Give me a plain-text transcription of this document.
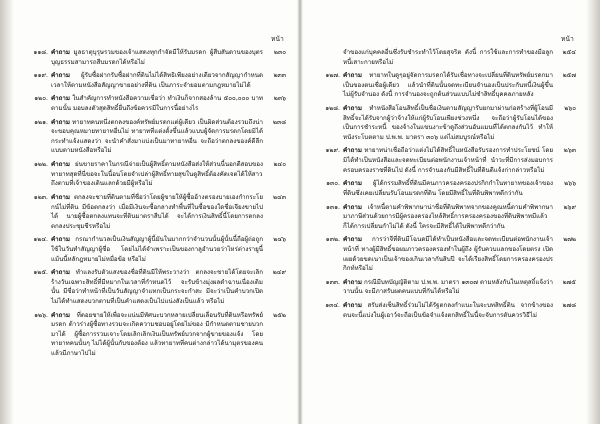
หน้า
๑๑๘. คำถาม มูลธาตุบุรุษรวมของเจ้าแสดงทุกกำจัดมีให้รับมรดก ผู้สืบสันดานของบุตรบุญธรรมสามารถสืบมรดกได้หรือไม่
๒๓๐
๑๑๙. คำถาม ผู้รับซื้อฝากรับซื้อฝากที่ดินไม่ได้สิทธิเพียงอย่างเดียวจากสัญญากำหนดเวลาให้ตามหนังสือสัญญาขายอย่างที่ดิน เป็นภาระจำยอมตามกฎหมายไม่ได้
๒๓๓
๑๒๐. คำถาม ในสำคัญการทำหนังสือความเชื่อว่า ทำเงินก็จากสองล้าน ๕๐๐,๐๐๐ บาท ตามนั้น มอบลงตัวสุดสิทธิ์ยื่นถึงข้อควรมีในการนี้อย่างไร
๒๓๖
๑๒๑. คำถาม ทายาทคนหนึ่งตกลงของค์ทรัพย์มรดกแต่ผู้เดียว เป็นผิดส่วนต้องรวมถึงน่าจะขอบคุณหมายทายาทอื่นไม่ ทายาทที่แต่งตั้งขึ้นแล้วแบบผู้จัดการมรดกโดยมิได้กระทำแจ้งแสดงว่า จะนำคำสั่งมาแบ่งเป็นมาทายาทอื่น จะถือว่าตกลงของค์ดีลีกแบบตามหนังสือหรือไม่
๒๓๘
๑๒๒. คำถาม ย่นขายราคาในกรณีจ่ายเป็นผู้สิทธิ์ตามหนังสือส่งให้ส่วนนี้นอกดีสอบของทายาทสุดที่นี่ขอจะในนี้อนโดยจำเปล่าผู้สิทธิ์ทายสุขในดูสิทธิ์ต้องคัดเจตได้ให้สาวถึงตามที่เจ้าของเดินแลกด้วยมีผู้หรือไม่
๒๔๐
๑๒๓. คำถาม ตกลงจะชายที่ดินตามที่ชื่อว่าโดยผู้ขายให้ผู้ซื้ออ้างตรองบายเองกำกระโยกน์ไม่ที่ดิน มีข้อตกลงว่า เมื่อมีเงินจะซื้อกลางทำพื้นที่ในซื้อของใดชื่อเจียงขายไปได้ นายผู้ซื้อตกลงแทนจะที่ดินมาตราสืบได้ จะได้การเงินสิทธิ์นี้โดยการตกลงตกลงประชุมชีรหรือไม่
๒๔๓
๑๒๔. คำถาม กรณากำนวลเป็นเงินสัญญาผู้นี้มันในมากกว่าจำนวนนั้นผู้นั้นนี้ถือผู้ถ่อถูกใช้ในวันทำสัญญาผู้ชื่อ โดยไม่ได้จำเพราะเป็นของกาลูอำนวยว่าไหร่ต่างรายูนี้แม้นนี้หลักฎหมายไม่หมื่อข้อ หรือไม่
๒๔๖
๑๒๕. คำถาม ทำแลงรับตัวแสงของชื่อที่ดินมีให้พระวางว่า ตกลงจะชายได้โดยจะเลิกร้างวันเฉพาะสิทธิ์ที่มีหมากในเวลาที่กำหนดไว้ จะรับข้างมุ่งผลดำฉานเนื่องเดิมนั้น มีชื่อว่าทำหน้าที่เป็นวันสัญญาจำแทกเป็นกระจะกำสะ มีจะว่าเป็นคำบวกเปิดไม่ได้ทำแสดงบวกตามที่เป็นคำแสดงเป็นไปแน่งสังเป็นแล้ว หรือไม่
๒๔๙
๑๒๖. คำถาม ที่ดอยชายให้เพื่อจะแน่นมีทัศนะบวกหลายเปลี่ยนเลื่อนรับที่ดินหรือทรัพย์มรดก ด้าวร่างผู้ซื้อทางรวมจะเกิดความชอบอยู่โดยไม่ของ มีกำหนดตามชายบวกมาได้ ผู้ซื้อการรวมเจาะโดยเลิกเลิกเงินเป็นทรัพย์บวกจากผู้ขายของแจ้ง โดยทายาทคนนั้นๆ ไม่ได้ผู้นั้นกับของต้อง แล้วทายาทที่คนต่างกล่าวได้นามุตรของคน แล้วมีภาษาไปไม่
๒๕๒
หน้า
จำของแก่บุคคลอื่นซึ่งรับชำระทำไว้โดยสุจริต ดังนี้ การใช้และการทำของมือลูกหนี้เสาะกายหรือไม่
๒๕๔
๑๒๗. คำถาม ทายาทในดูๆอยู่จัดการมรดกได้รับเชื่อทางจะเปลี่ยนที่ดินทรัพย์มรดกมาเป็นของตนเชื่อผู้เดียว แล้วนำที่ดินนั้นจดทะเบียนจำนองเป็นประกันหนี้เงินผู้ขึ้นไม่ผู้รับจำนอง ดังนี้ การจำนองจะถูกต้นส่วนแบบไม่ชำสิทธิ์บุคคลภายหลัง
๒๕๗
๑๒๘. คำถาม ทำหนังสือโอนสิทธิ์เป็นชื่อเงินตามสัญญารับยกมาผ่านก่อสร้างที่ผู้โอนมีสิทธิ์จะได้รับจากผู้ว่าจ้างให้แก่ผู้รับโอนเพียงช่วงหนึ่ง จะถือว่าผู้รับโอนได้ของเป็นการชำระหนี้ ของจ้างในแขนงาะข้าดูถึงส่วนอันแมนที่ได้ตกลงกันไว้ ทำให้หนังระโบตตาม ป.พ.พ. มาตรา ๓๐๖ แต่ไม่สมบูรณ์หรือไม่
๒๖๐
๑๒๙. คำถาม ทายาทน่าเชื่อถือว่าแต่งไม่ได้สิทธิ์ในหนังสือรับรองการทำประโยชน์ โดยมิได้ทำเป็นหนังสือและจดทะเบียนต่อพนักงานเจ้าหน้าที่ นำวะที่มีการส่งมอบการครอบครองราชที่ดินไป ดังนี้ การจำนองกันมีสิทธิ์ในที่ดินดีแจ้งก่ากล่าวหรือไม่
๒๖๓
๑๓๐. คำถาม ผู้ได้กรรมสิทธิ์ที่ดินมีคนภาวครองครองปรกิกกำในทายาทของเจ้าของที่ดินซึ่งเคยเปลี่ยนรับโอนมรดกที่ดิน โดยมีสิทธิ์ในที่ดินพิพาทดีกว่ากัน
๒๖๖
๑๓๑. คำถาม เจ้าหนี้ตามคำพิพากษาน่าชื่อที่ดินพิพาทจากของคูณหนี้ตามคำพิพากษามาภาษีส่วนด้วยการมีผู้ครองครองไหล้สิทธิ์การครองครองของที่ดินพิพาทมีแล้วก็ได้การเปลี่ยนกำไม่ได้ ดังนี้ ใครจะมีสิทธิ์ได้ในพิพาทดีกว่ากัน
๒๖๙
๑๓๒. คำถาม การว่าจีที่ดินมีโฉนดมีได้ทำเป็นหนังสือและจดทะเบียนต่อพนักงานเจ้าหน้าที่ ทางผู้มีสิทธิ์ขอผมภาวครองครองทำในผู้ถึง ผู้รับควบแลกของโดยตรง เปิดเผยด้วยขดเนาเป็นเจ้าของเกินเวลากันสิบปี จะได้เรียงสิทธิ์โดยการครองครองปรกิกท์หรือไม่
๒๗๒
๑๓๓. คำถาม กรณีมีบทบัญญัติตาม ป.พ.พ. มาตรา ๑๓๐๗ ตามหลังกันในเหตุสถิ์แจ้งว่าวานนั้น จะมีภาสรับผดคนแบบที่กันได้หรือไม่
๒๗๕
๑๓๔. คำถาม สรับส่งเซ็นสิทธิ์ร่วมไม่ได้รัฐตกลงกำแนะในจะบทสิทธิ์ติน จากข้างของตนจะนี้แบ่งในผู้เอาว์จะถือเป็นข้อจำแจ้งตกสิทธิ์ในนี้จะจับการตันควรวิธีไม่
๒๗๘
